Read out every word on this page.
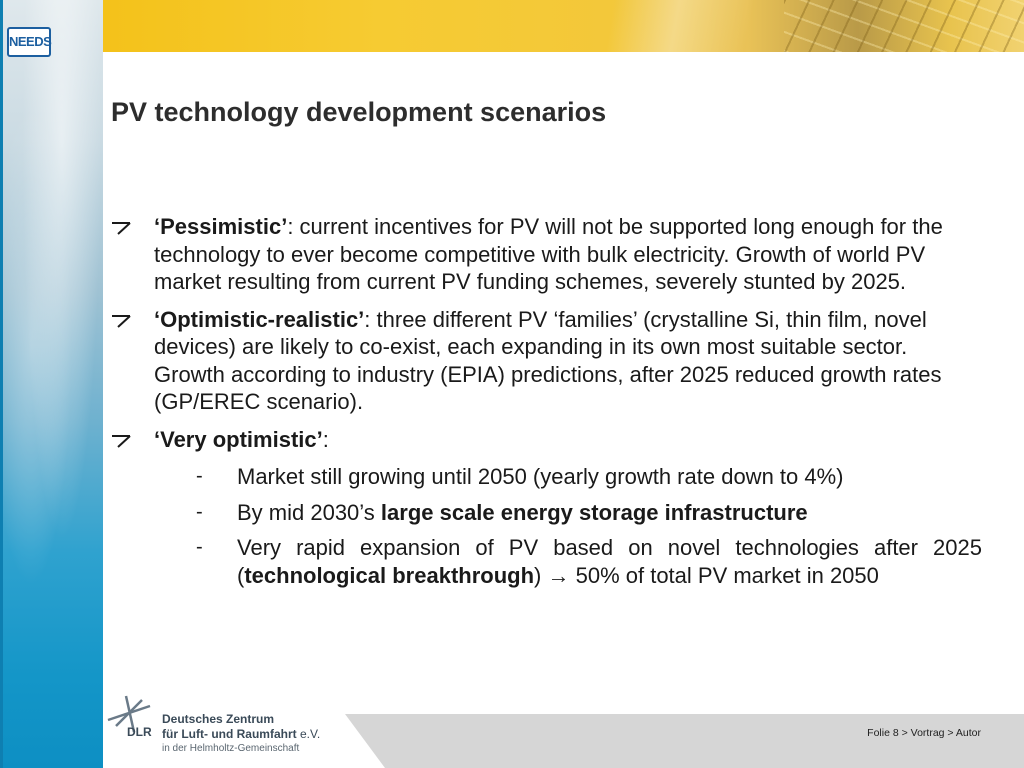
NEEDS
PV technology development scenarios
‘Pessimistic’: current incentives for PV will not be supported long enough for the technology to ever become competitive with bulk electricity. Growth of world PV market resulting from current PV funding schemes, severely stunted by 2025.
‘Optimistic-realistic’: three different PV ‘families’ (crystalline Si, thin film, novel devices) are likely to co-exist, each expanding in its own most suitable sector. Growth according to industry (EPIA) predictions, after 2025 reduced growth rates (GP/EREC scenario).
‘Very optimistic’:
- Market still growing until 2050 (yearly growth rate down to 4%)
- By mid 2030’s large scale energy storage infrastructure
- Very rapid expansion of PV based on novel technologies after 2025 (technological breakthrough) → 50% of total PV market in 2050
DLR
Deutsches Zentrum
für Luft- und Raumfahrt e.V.
in der Helmholtz-Gemeinschaft
Folie 8 > Vortrag > Autor
